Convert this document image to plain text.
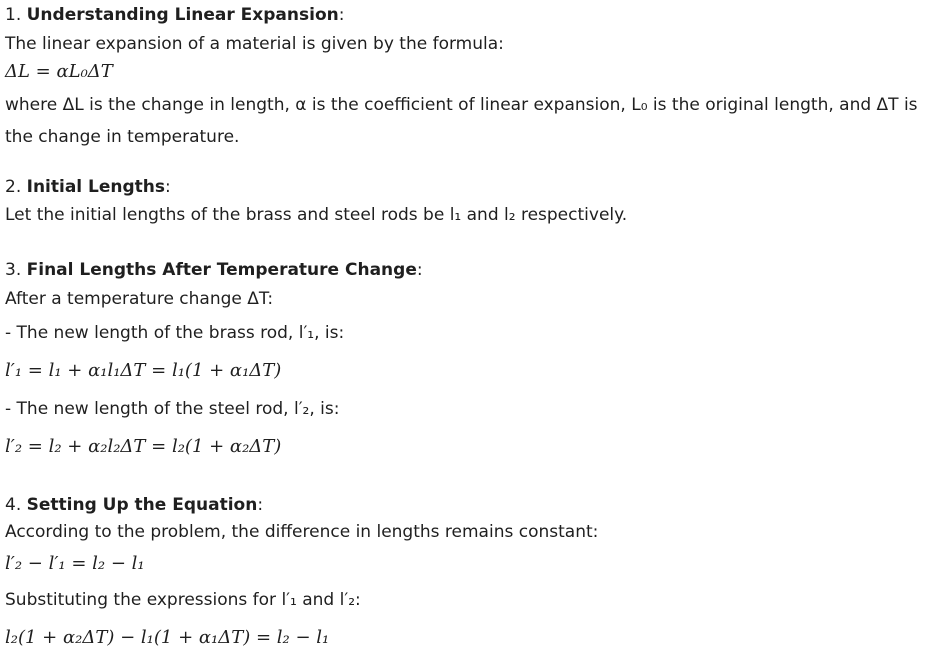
1. Understanding Linear Expansion:
The linear expansion of a material is given by the formula:
ΔL = αL₀ΔT
where ΔL is the change in length, α is the coefficient of linear expansion, L₀ is the original length, and ΔT is
the change in temperature.
2. Initial Lengths:
Let the initial lengths of the brass and steel rods be l₁ and l₂ respectively.
3. Final Lengths After Temperature Change:
After a temperature change ΔT:
- The new length of the brass rod, l′₁, is:
l′₁ = l₁ + α₁l₁ΔT = l₁(1 + α₁ΔT)
- The new length of the steel rod, l′₂, is:
l′₂ = l₂ + α₂l₂ΔT = l₂(1 + α₂ΔT)
4. Setting Up the Equation:
According to the problem, the difference in lengths remains constant:
l′₂ − l′₁ = l₂ − l₁
Substituting the expressions for l′₁ and l′₂:
l₂(1 + α₂ΔT) − l₁(1 + α₁ΔT) = l₂ − l₁
